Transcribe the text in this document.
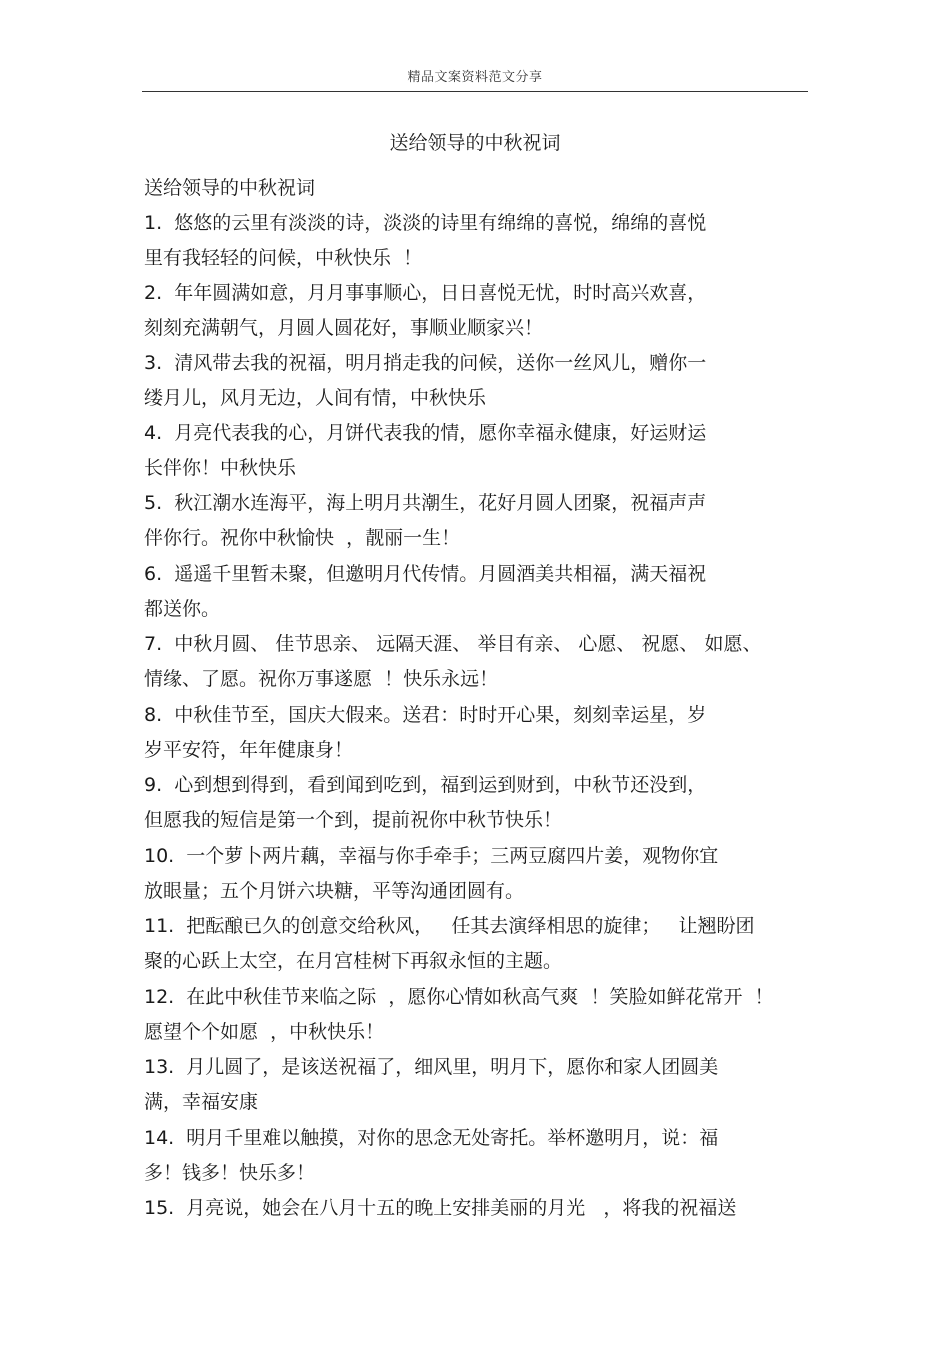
精品文案资料范文分享
送给领导的中秋祝词
送给领导的中秋祝词
1.  悠悠的云里有淡淡的诗，淡淡的诗里有绵绵的喜悦，绵绵的喜悦
里有我轻轻的问候，中秋快乐  ！
2.  年年圆满如意，月月事事顺心，日日喜悦无忧，时时高兴欢喜，
刻刻充满朝气，月圆人圆花好，事顺业顺家兴！
3.  清风带去我的祝福，明月捎走我的问候，送你一丝风儿，赠你一
缕月儿，风月无边，人间有情，中秋快乐
4.  月亮代表我的心，月饼代表我的情，愿你幸福永健康，好运财运
长伴你！中秋快乐
5.  秋江潮水连海平，海上明月共潮生，花好月圆人团聚，祝福声声
伴你行。祝你中秋愉快  ，靓丽一生！
6.  遥遥千里暂未聚，但邀明月代传情。月圆酒美共相福，满天福祝
都送你。
7.  中秋月圆、 佳节思亲、 远隔天涯、 举目有亲、 心愿、 祝愿、 如愿、
情缘、了愿。祝你万事遂愿  ！快乐永远！
8.  中秋佳节至，国庆大假来。送君：时时开心果，刻刻幸运星，岁
岁平安符，年年健康身！
9.  心到想到得到，看到闻到吃到，福到运到财到，中秋节还没到，
但愿我的短信是第一个到，提前祝你中秋节快乐！
10.  一个萝卜两片藕，幸福与你手牵手；三两豆腐四片姜，观物你宜
放眼量；五个月饼六块糖，平等沟通团圆有。
11.  把酝酿已久的创意交给秋风，   任其去演绎相思的旋律；   让翘盼团
聚的心跃上太空，在月宫桂树下再叙永恒的主题。
12.  在此中秋佳节来临之际  ，愿你心情如秋高气爽  ！笑脸如鲜花常开  ！
愿望个个如愿  ，中秋快乐！
13.  月儿圆了，是该送祝福了，细风里，明月下，愿你和家人团圆美
满，幸福安康
14.  明月千里难以触摸，对你的思念无处寄托。举杯邀明月，说：福
多！钱多！快乐多！
15.  月亮说，她会在八月十五的晚上安排美丽的月光   ，将我的祝福送
